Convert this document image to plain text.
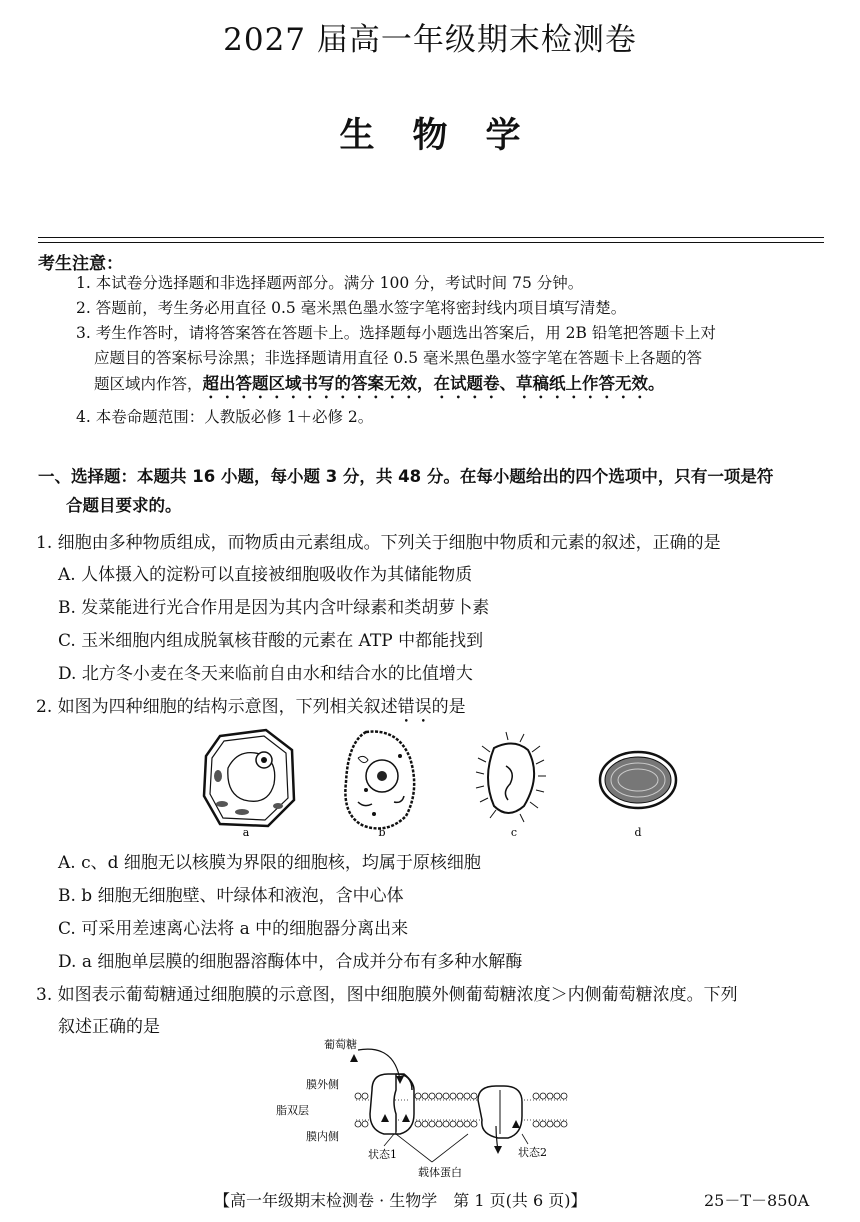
2027 届高一年级期末检测卷
生物学
考生注意：
1. 本试卷分选择题和非选择题两部分。满分 100 分，考试时间 75 分钟。
2. 答题前，考生务必用直径 0.5 毫米黑色墨水签字笔将密封线内项目填写清楚。
3. 考生作答时，请将答案答在答题卡上。选择题每小题选出答案后，用 2B 铅笔把答题卡上对
应题目的答案标号涂黑；非选择题请用直径 0.5 毫米黑色墨水签字笔在答题卡上各题的答
题区域内作答，超出答题区域书写的答案无效，在试题卷、草稿纸上作答无效。
4. 本卷命题范围：人教版必修 1＋必修 2。
一、选择题：本题共 16 小题，每小题 3 分，共 48 分。在每小题给出的四个选项中，只有一项是符
合题目要求的。
1. 细胞由多种物质组成，而物质由元素组成。下列关于细胞中物质和元素的叙述，正确的是
A. 人体摄入的淀粉可以直接被细胞吸收作为其储能物质
B. 发菜能进行光合作用是因为其内含叶绿素和类胡萝卜素
C. 玉米细胞内组成脱氧核苷酸的元素在 ATP 中都能找到
D. 北方冬小麦在冬天来临前自由水和结合水的比值增大
2. 如图为四种细胞的结构示意图，下列相关叙述错误的是
a	b	c	d
A. c、d 细胞无以核膜为界限的细胞核，均属于原核细胞
B. b 细胞无细胞壁、叶绿体和液泡，含中心体
C. 可采用差速离心法将 a 中的细胞器分离出来
D. a 细胞单层膜的细胞器溶酶体中，合成并分布有多种水解酶
3. 如图表示葡萄糖通过细胞膜的示意图，图中细胞膜外侧葡萄糖浓度＞内侧葡萄糖浓度。下列
叙述正确的是
葡萄糖
膜外侧
脂双层
膜内侧
状态1	状态2
载体蛋白
【高一年级期末检测卷 · 生物学　第 1 页(共 6 页)】	25－T－850A
